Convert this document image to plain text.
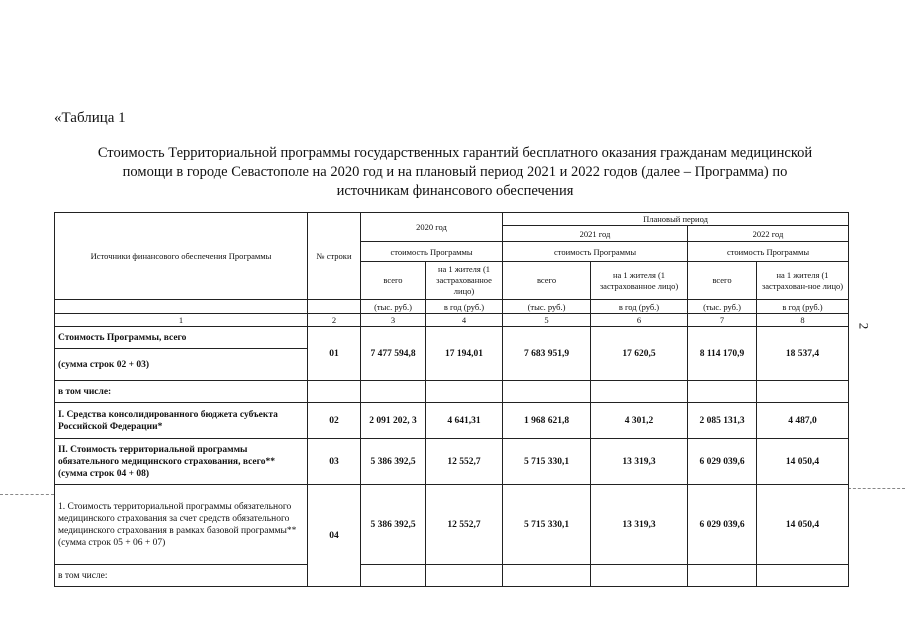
«Таблица 1
Стоимость Территориальной программы государственных гарантий бесплатного оказания гражданам медицинской
помощи в городе Севастополе на 2020 год и на плановый период 2021 и 2022 годов (далее – Программа) по
источникам финансового обеспечения
2
Источники финансового обеспечения Программы	№ строки	2020 год		Плановый период			
				2021 год		2022 год	
		стоимость Программы		стоимость Программы		стоимость Программы	
		всего	на 1 жителя (1 застрахованное лицо)	всего	на 1 жителя (1 застрахованное лицо)	всего	на 1 жителя (1 застрахован-ное лицо)
		(тыс. руб.)	в год (руб.)	(тыс. руб.)	в год (руб.)	(тыс. руб.)	в год (руб.)
1	2	3	4	5	6	7	8
Стоимость Программы, всего	01	7 477 594,8	17 194,01	7 683 951,9	17 620,5	8 114 170,9	18 537,4
(сумма строк 02 + 03)							
в том числе:							
I. Средства консолидированного бюджета субъекта Российской Федерации*	02	2 091 202, 3	4 641,31	1 968 621,8	4 301,2	2 085 131,3	4 487,0
II. Стоимость территориальной программы обязательного медицинского страхования, всего** (сумма строк 04 + 08)	03	5 386 392,5	12 552,7	5 715 330,1	13 319,3	6 029 039,6	14 050,4
1. Стоимость территориальной программы обязательного медицинского страхования за счет средств обязательного медицинского страхования в рамках базовой программы** (сумма строк 05 + 06 + 07)	04	5 386 392,5	12 552,7	5 715 330,1	13 319,3	6 029 039,6	14 050,4
в том числе:							
